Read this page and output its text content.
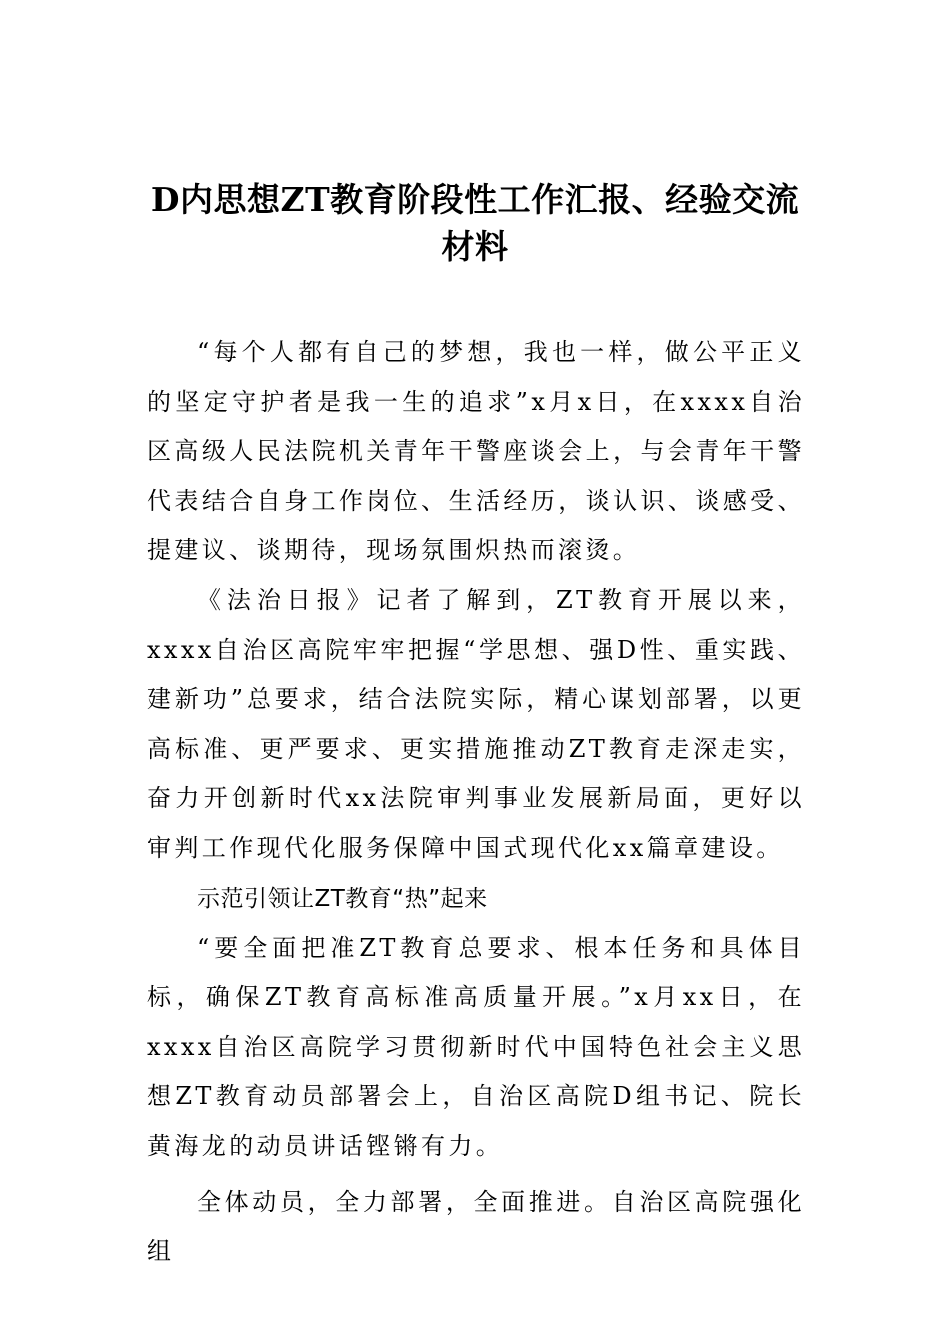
D内思想ZT教育阶段性工作汇报、经验交流材料

“每个人都有自己的梦想，我也一样，做公平正义的坚定守护者是我一生的追求”x月x日，在xxxx自治区高级人民法院机关青年干警座谈会上，与会青年干警代表结合自身工作岗位、生活经历，谈认识、谈感受、提建议、谈期待，现场氛围炽热而滚烫。

《法治日报》记者了解到，ZT教育开展以来，xxxx自治区高院牢牢把握“学思想、强D性、重实践、建新功”总要求，结合法院实际，精心谋划部署，以更高标准、更严要求、更实措施推动ZT教育走深走实，奋力开创新时代xx法院审判事业发展新局面，更好以审判工作现代化服务保障中国式现代化xx篇章建设。

示范引领让ZT教育“热”起来

“要全面把准ZT教育总要求、根本任务和具体目标，确保ZT教育高标准高质量开展。”x月xx日，在xxxx自治区高院学习贯彻新时代中国特色社会主义思想ZT教育动员部署会上，自治区高院D组书记、院长黄海龙的动员讲话铿锵有力。

全体动员，全力部署，全面推进。自治区高院强化组
